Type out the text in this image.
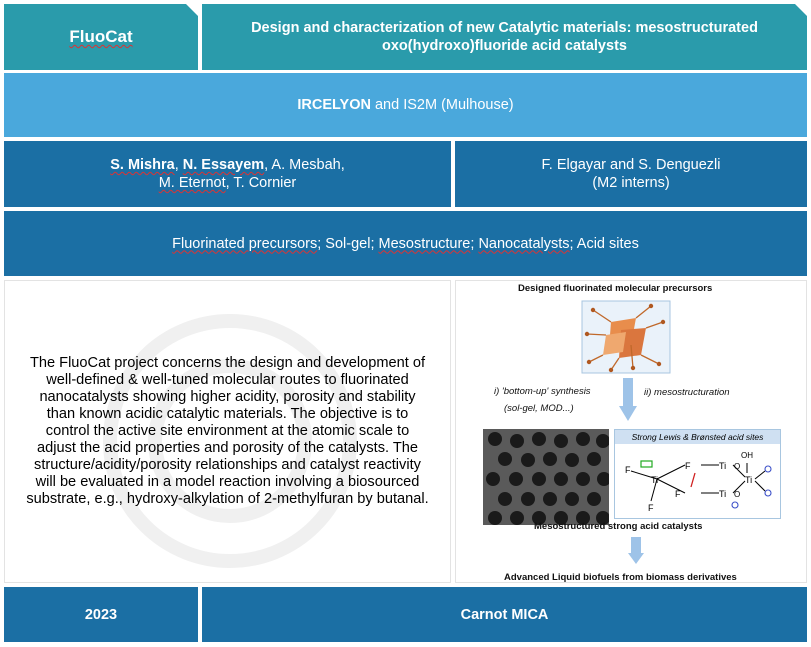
FluoCat	Design and characterization of new Catalytic materials: mesostructurated oxo(hydroxo)fluoride acid catalysts
IRCELYON and IS2M (Mulhouse)
S. Mishra, N. Essayem, A. Mesbah,
M. Eternot, T. Cornier
F. Elgayar and S. Denguezli
(M2 interns)
Fluorinated precursors; Sol-gel; Mesostructure; Nanocatalysts; Acid sites

The FluoCat project concerns the design and development of well-defined & well-tuned molecular routes to fluorinated nanocatalysts showing higher acidity, porosity and stability than known acidic catalytic materials. The objective is to control the active site environment at the atomic scale to adjust the acid properties and porosity of the catalysts. The structure/acidity/porosity relationships and catalyst reactivity will be evaluated in a model reaction involving a biosourced substrate, e.g., hydroxy-alkylation of 2-methylfuran by butanal.

Designed fluorinated molecular precursors
i) 'bottom-up' synthesis
(sol-gel, MOD...)
ii) mesostructuration
Strong Lewis & Brønsted acid sites
F	F
F
F
Ti
Ti
Ti
Ti
O
O
OH
Mesostructured strong acid catalysts
Advanced Liquid biofuels from biomass derivatives
2023	Carnot MICA
